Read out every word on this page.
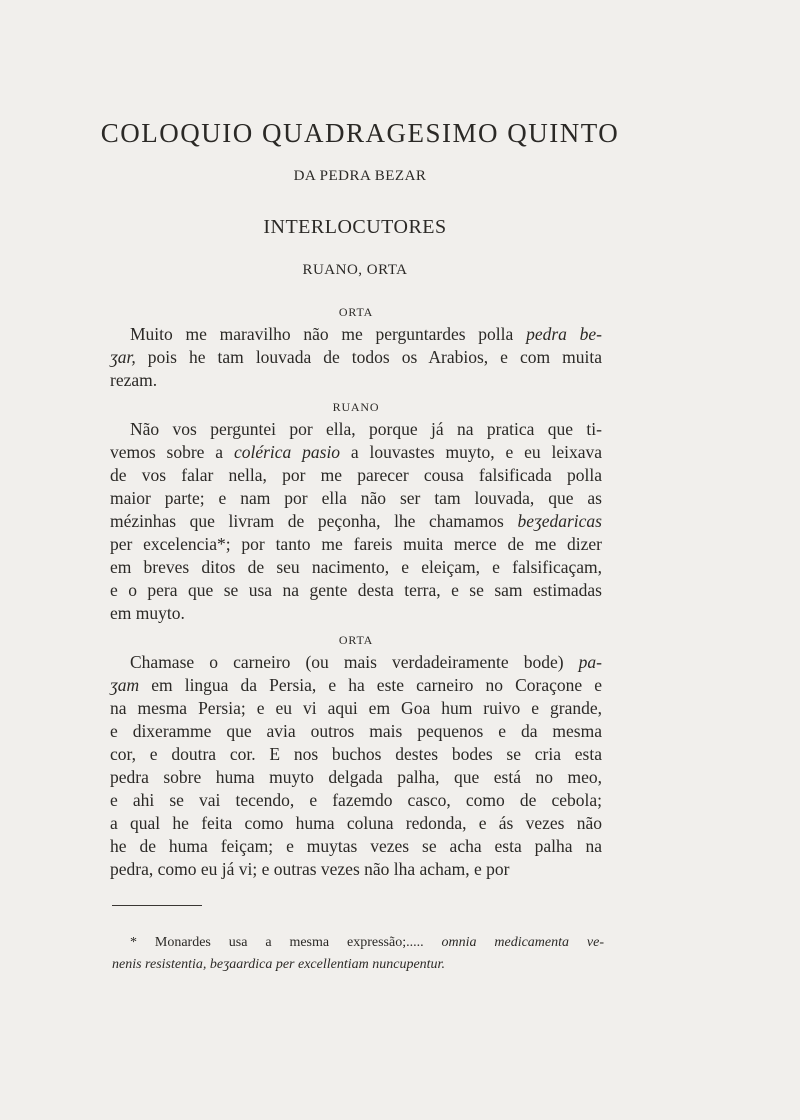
COLOQUIO QUADRAGESIMO QUINTO
DA PEDRA BEZAR
INTERLOCUTORES
RUANO, ORTA
ORTA
Muito me maravilho não me perguntardes polla pedra be-
ʒar, pois he tam louvada de todos os Arabios, e com muita
rezam.
RUANO
Não vos perguntei por ella, porque já na pratica que ti-
vemos sobre a colérica pasio a louvastes muyto, e eu leixava
de vos falar nella, por me parecer cousa falsificada polla
maior parte; e nam por ella não ser tam louvada, que as
mézinhas que livram de peçonha, lhe chamamos beʒedaricas
per excelencia*; por tanto me fareis muita merce de me dizer
em breves ditos de seu nacimento, e eleiçam, e falsificaçam,
e o pera que se usa na gente desta terra, e se sam estimadas
em muyto.
ORTA
Chamase o carneiro (ou mais verdadeiramente bode) pa-
ʒam em lingua da Persia, e ha este carneiro no Coraçone e
na mesma Persia; e eu vi aqui em Goa hum ruivo e grande,
e dixeramme que avia outros mais pequenos e da mesma
cor, e doutra cor. E nos buchos destes bodes se cria esta
pedra sobre huma muyto delgada palha, que está no meo,
e ahi se vai tecendo, e fazemdo casco, como de cebola;
a qual he feita como huma coluna redonda, e ás vezes não
he de huma feiçam; e muytas vezes se acha esta palha na
pedra, como eu já vi; e outras vezes não lha acham, e por
* Monardes usa a mesma expressão;..... omnia medicamenta ve-
nenis resistentia, beʒaardica per excellentiam nuncupentur.
